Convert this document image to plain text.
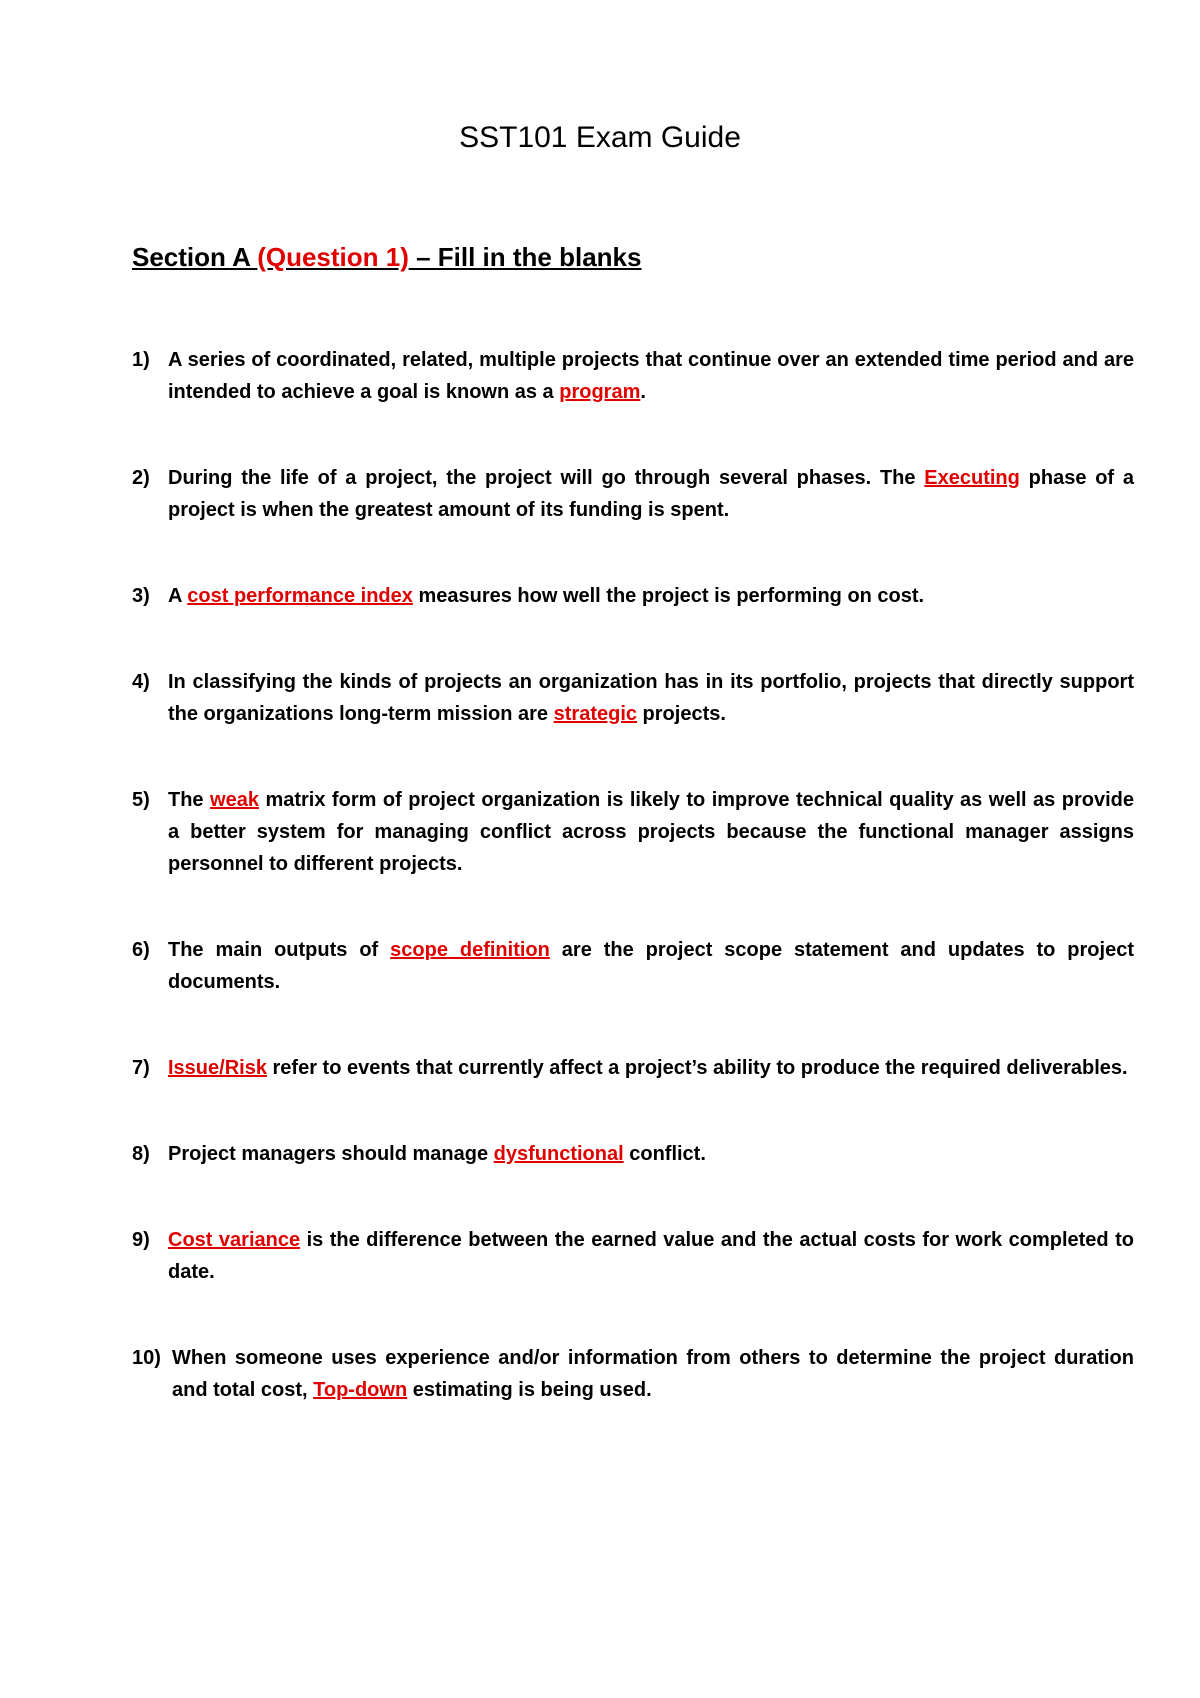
SST101 Exam Guide
Section A (Question 1) – Fill in the blanks
1) A series of coordinated, related, multiple projects that continue over an extended time period and are intended to achieve a goal is known as a program.
2) During the life of a project, the project will go through several phases. The Executing phase of a project is when the greatest amount of its funding is spent.
3) A cost performance index measures how well the project is performing on cost.
4) In classifying the kinds of projects an organization has in its portfolio, projects that directly support the organizations long-term mission are strategic projects.
5) The weak matrix form of project organization is likely to improve technical quality as well as provide a better system for managing conflict across projects because the functional manager assigns personnel to different projects.
6) The main outputs of scope definition are the project scope statement and updates to project documents.
7) Issue/Risk refer to events that currently affect a project’s ability to produce the required deliverables.
8) Project managers should manage dysfunctional conflict.
9) Cost variance is the difference between the earned value and the actual costs for work completed to date.
10) When someone uses experience and/or information from others to determine the project duration and total cost, Top-down estimating is being used.
